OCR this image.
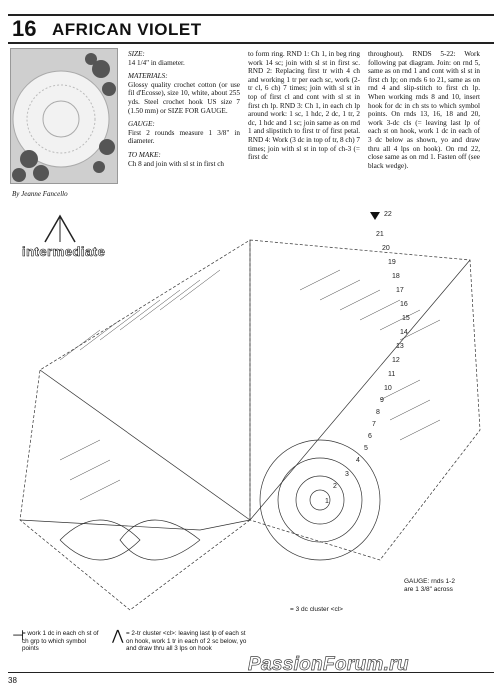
16 AFRICAN VIOLET
By Jeanne Fancello

SIZE:
14 1/4" in diameter.

MATERIALS:
Glossy quality crochet cotton (or use fil d'Ecosse), size 10, white, about 255 yds. Steel crochet hook US size 7 (1.50 mm) or SIZE FOR GAUGE.

GAUGE:
First 2 rounds measure 1 3/8" in diameter.

TO MAKE:
Ch 8 and join with sl st in first ch

to form ring. RND 1: Ch 1, in beg ring work 14 sc; join with sl st in first sc. RND 2: Replacing first tr with 4 ch and working 1 tr per each sc, work (2-tr cl, 6 ch) 7 times; join with sl st in top of first cl and cont with sl st in first ch lp. RND 3: Ch 1, in each ch lp around work: 1 sc, 1 hdc, 2 dc, 1 tr, 2 dc, 1 hdc and 1 sc; join same as on rnd 1 and slipstitch to first tr of first petal. RND 4: Work (3 dc in top of tr, 8 ch) 7 times; join with sl st in top of ch-3 (= first dc

throughout). RNDS 5-22: Work following pat diagram. Join: on rnd 5, same as on rnd 1 and cont with sl st in first ch lp; on rnds 6 to 21, same as on rnd 4 and slip-stitch to first ch lp. When working rnds 8 and 10, insert hook for dc in ch sts to which symbol points. On rnds 13, 16, 18 and 20, work 3-dc cls (= leaving last lp of each st on hook, work 1 dc in each of 3 dc below as shown, yo and draw thru all 4 lps on hook). On rnd 22, close same as on rnd 1. Fasten off (see black wedge).

intermediate
1
2
3
4
5
6
7
8
9
10
11
12
13
14
15
16
17
18
19
20
21
22
GAUGE: rnds 1-2 are 1 3/8" across
= 3 dc cluster <cl>
⊣
= work 1 dc in each ch st of ch grp to which symbol points
⋀ = 2-tr cluster <cl>: leaving last lp of each st on hook, work 1 tr in each of 2 sc below, yo and draw thru all 3 lps on hook
38
PassionForum.ru
